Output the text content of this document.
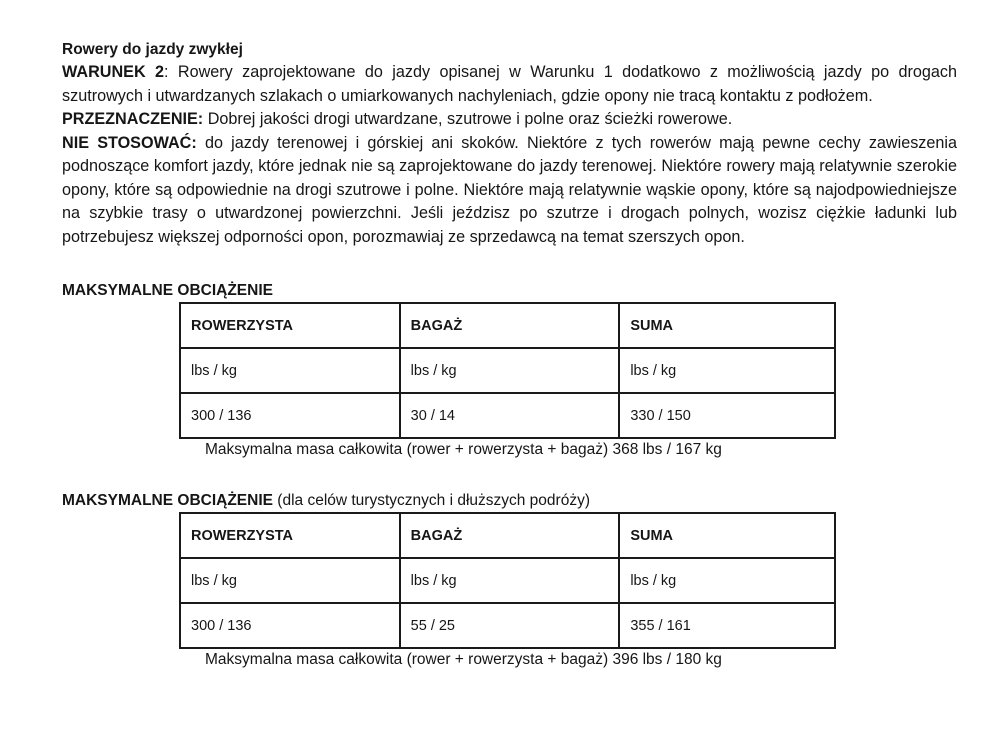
Rowery do jazdy zwykłej

WARUNEK 2: Rowery zaprojektowane do jazdy opisanej w Warunku 1 dodatkowo z możliwością jazdy po drogach szutrowych i utwardzanych szlakach o umiarkowanych nachyleniach, gdzie opony nie tracą kontaktu z podłożem.

PRZEZNACZENIE: Dobrej jakości drogi utwardzane, szutrowe i polne oraz ścieżki rowerowe.

NIE STOSOWAĆ: do jazdy terenowej i górskiej ani skoków. Niektóre z tych rowerów mają pewne cechy zawieszenia podnoszące komfort jazdy, które jednak nie są zaprojektowane do jazdy terenowej. Niektóre rowery mają relatywnie szerokie opony, które są odpowiednie na drogi szutrowe i polne. Niektóre mają relatywnie wąskie opony, które są najodpowiedniejsze na szybkie trasy o utwardzonej powierzchni. Jeśli jeździsz po szutrze i drogach polnych, wozisz ciężkie ładunki lub potrzebujesz większej odporności opon, porozmawiaj ze sprzedawcą na temat szerszych opon.

MAKSYMALNE OBCIĄŻENIE

ROWERZYSTA	BAGAŻ	SUMA
lbs / kg	lbs / kg	lbs / kg
300 / 136	30 / 14	330 / 150

Maksymalna masa całkowita (rower + rowerzysta + bagaż) 368 lbs / 167 kg

MAKSYMALNE OBCIĄŻENIE (dla celów turystycznych i dłuższych podróży)

ROWERZYSTA	BAGAŻ	SUMA
lbs / kg	lbs / kg	lbs / kg
300 / 136	55 / 25	355 / 161

Maksymalna masa całkowita (rower + rowerzysta + bagaż) 396 lbs / 180 kg
